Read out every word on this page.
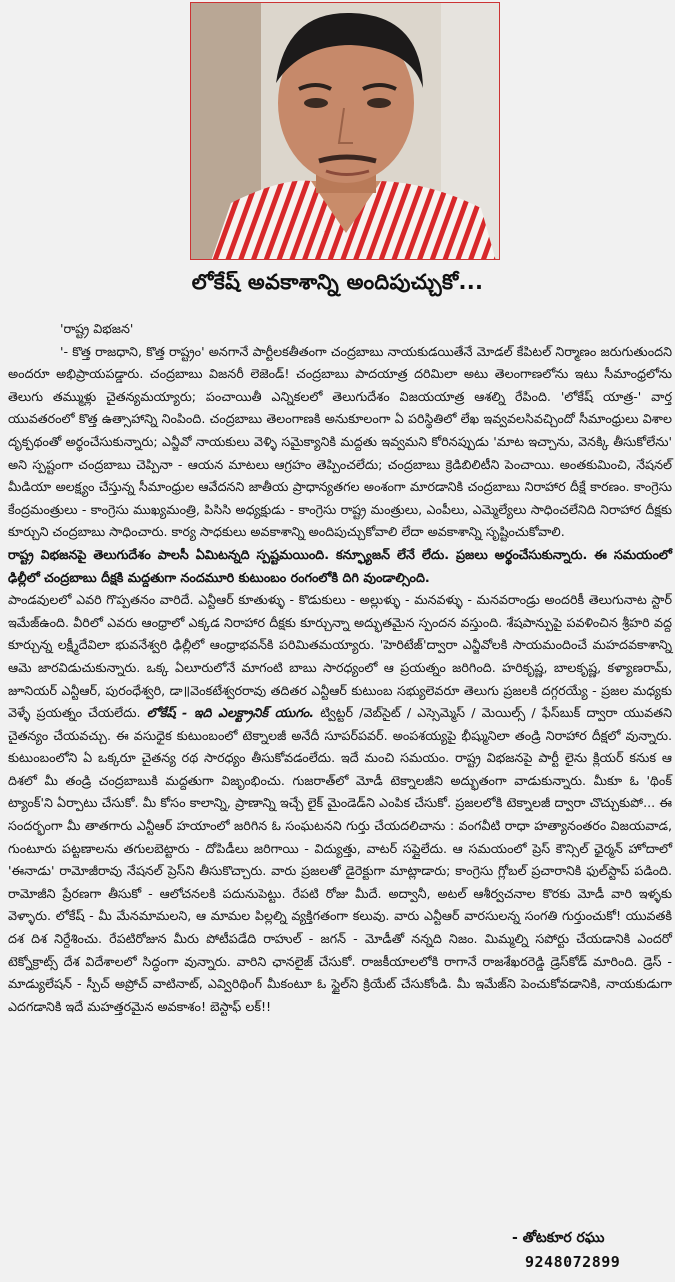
లోకేష్ అవకాశాన్ని అందిపుచ్చుకో...

'రాష్ట్ర విభజన'

'- కొత్త రాజధాని, కొత్త రాష్ట్రం' అనగానే పార్టీలకతీతంగా చంద్రబాబు నాయకుడయితేనే మోడల్ కేపిటల్ నిర్మాణం జరుగుతుందని అందరూ అభిప్రాయపడ్డారు. చంద్రబాబు విజనరీ లెజెండ్! చంద్రబాబు పాదయాత్ర దరిమిలా అటు తెలంగాణలోను ఇటు సీమాంధ్రలోను తెలుగు తమ్ముళ్లు చైతన్యమయ్యారు; పంచాయితీ ఎన్నికలలో తెలుగుదేశం విజయయాత్ర ఆశల్ని రేపింది. 'లోకేష్ యాత్ర-' వార్త యువతరంలో కొత్త ఉత్సాహాన్ని నింపింది. చంద్రబాబు తెలంగాణకి అనుకూలంగా ఏ పరిస్థితిలో లేఖ ఇవ్వవలసివచ్చిందో సీమాంధ్రులు విశాల దృక్పథంతో అర్థంచేసుకున్నారు; ఎన్జీవో నాయకులు వెళ్ళి సమైక్యానికి మద్దతు ఇవ్వమని కోరినప్పుడు 'మాట ఇచ్చాను, వెనక్కి తీసుకోలేను' అని స్పష్టంగా చంద్రబాబు చెప్పినా - ఆయన మాటలు ఆగ్రహం తెప్పించలేదు; చంద్రబాబు క్రెడిబిలిటీని పెంచాయి. అంతకుమించి, నేషనల్ మీడియా అలక్ష్యం చేస్తున్న సీమాంధ్రుల ఆవేదనని జాతీయ ప్రాధాన్యతగల అంశంగా మారడానికి చంద్రబాబు నిరాహార దీక్షే కారణం. కాంగ్రెసు కేంద్రమంత్రులు - కాంగ్రెసు ముఖ్యమంత్రి, పిసిసి అధ్యక్షుడు - కాంగ్రెసు రాష్ట్ర మంత్రులు, ఎంపీలు, ఎమ్మెల్యేలు సాధించలేనిది నిరాహార దీక్షకు కూర్చుని చంద్రబాబు సాధించారు. కార్య సాధకులు అవకాశాన్ని అందిపుచ్చుకోవాలి లేదా అవకాశాన్ని సృష్టించుకోవాలి.

రాష్ట్ర విభజనపై తెలుగుదేశం పాలసీ ఏమిటన్నది స్పష్టమయింది. కన్ఫ్యూజన్ లేనే లేదు. ప్రజలు అర్థంచేసుకున్నారు. ఈ సమయంలో ఢిల్లీలో చంద్రబాబు దీక్షకి మద్దతుగా నందమూరి కుటుంబం రంగంలోకి దిగి వుండాల్సింది.

పాండవులలో ఎవరి గొప్పతనం వారిదే. ఎన్టీఆర్ కూతుళ్ళు - కొడుకులు - అల్లుళ్ళు - మనవళ్ళు - మనవరాండ్రు అందరికీ తెలుగునాట స్టార్ ఇమేజ్ఉంది. వీరిలో ఎవరు ఆంధ్రాలో ఎక్కడ నిరాహార దీక్షకు కూర్చున్నా అద్భుతమైన స్పందన వస్తుంది. శేషపాన్పుపై పవళించిన శ్రీహరి వద్ద కూర్చున్న లక్ష్మీదేవిలా భువనేశ్వరి ఢిల్లీలో ఆంధ్రాభవన్‌కి పరిమితమయ్యారు. 'హెరిటేజ్'ద్వారా ఎన్జీవోలకి సాయమందించే మహదవకాశాన్ని ఆమె జారవిడుచుకున్నారు. ఒక్క ఏలూరులోనే మాగంటి బాబు సారధ్యంలో ఆ ప్రయత్నం జరిగింది. హరికృష్ణ, బాలకృష్ణ, కళ్యాణరామ్, జూనియర్ ఎన్టీఆర్, పురంధేశ్వరి, డా॥వెంకటేశ్వరరావు తదితర ఎన్టీఆర్ కుటుంబ సభ్యులెవరూ తెలుగు ప్రజలకి దగ్గరయ్యే - ప్రజల మధ్యకు వెళ్ళే ప్రయత్నం చేయలేదు. లోకేష్ - ఇది ఎలక్ట్రానిక్ యుగం. ట్విట్టర్ /వెబ్‌సైట్ / ఎస్సెమ్మెస్ / మెయిల్స్ / ఫేస్‌బుక్ ద్వారా యువతని చైతన్యం చేయవచ్చు. ఈ వసుధైక కుటుంబంలో టెక్నాలజీ అనేదీ సూపర్‌పవర్. అంపశయ్యపై భీష్మునిలా తండ్రి నిరాహార దీక్షలో వున్నారు. కుటుంబంలోని ఏ ఒక్కరూ చైతన్య రథ సారధ్యం తీసుకోవడంలేదు. ఇదే మంచి సమయం. రాష్ట్ర విభజనపై పార్టీ లైను క్లియర్ కనుక ఆ దిశలో మీ తండ్రి చంద్రబాబుకి మద్దతుగా విజృంభించు. గుజరాత్‌లో మోడీ టెక్నాలజీని అద్భుతంగా వాడుకున్నారు. మీకూ ఓ 'థింక్ ట్యాంక్'ని ఏర్పాటు చేసుకో. మీ కోసం కాలాన్ని, ప్రాణాన్ని ఇచ్చే లైక్ మైండెడ్‌ని ఎంపిక చేసుకో. ప్రజలలోకి టెక్నాలజీ ద్వారా చొచ్చుకుపో... ఈ సందర్భంగా మీ తాతగారు ఎన్టీఆర్ హయాంలో జరిగిన ఓ సంఘటనని గుర్తు చేయదలిచాను : వంగవీటి రాధా హత్యానంతరం విజయవాడ, గుంటూరు పట్టణాలను తగులబెట్టారు - దోపిడీలు జరిగాయి - విద్యుత్తు, వాటర్ సప్లైలేదు. ఆ సమయంలో ప్రెస్ కౌన్సిల్ ఛైర్మన్ హోదాలో 'ఈనాడు' రామోజీరావు నేషనల్ ప్రెస్‌ని తీసుకొచ్చారు. వారు ప్రజలతో డైరెక్టుగా మాట్లాడారు; కాంగ్రెసు గ్లోబల్ ప్రచారానికి ఫుల్‌స్టాప్ పడింది. రామోజీని ప్రేరణగా తీసుకో - ఆలోచనలకి పదునుపెట్టు. రేపటి రోజు మీదే. అద్వానీ, అటల్ ఆశీర్వచనాల కొరకు మోడీ వారి ఇళ్ళకు వెళ్ళారు. లోకేష్ - మీ మేనమామలని, ఆ మామల పిల్లల్ని వ్యక్తిగతంగా కలువు. వారు ఎన్టీఆర్ వారసులన్న సంగతి గుర్తుంచుకో! యువతకి దశ దిశ నిర్దేశించు. రేపటిరోజున మీరు పోటీపడేది రాహుల్ - జగన్ - మోడీతో నన్నది నిజం. మిమ్మల్ని సపోర్టు చేయడానికి ఎందరో టెక్నోక్రాట్స్ దేశ విదేశాలలో సిద్ధంగా వున్నారు. వారిని ఛానలైజ్ చేసుకో. రాజకీయాలలోకి రాగానే రాజశేఖరరెడ్డి డ్రెస్‌కోడ్ మారింది. డ్రెస్ - మాడ్యులేషన్ - స్పీచ్ అప్రోచ్ వాటినాట్, ఎవ్విరిథింగ్ మీకంటూ ఓ స్టైల్‌ని క్రియేట్ చేసుకోండి. మీ ఇమేజ్‌ని పెంచుకోవడానికి, నాయకుడుగా ఎదగడానికి ఇదే మహత్తరమైన అవకాశం! బెస్టాఫ్ లక్!!

- తోటకూర రఘు
9248072899
